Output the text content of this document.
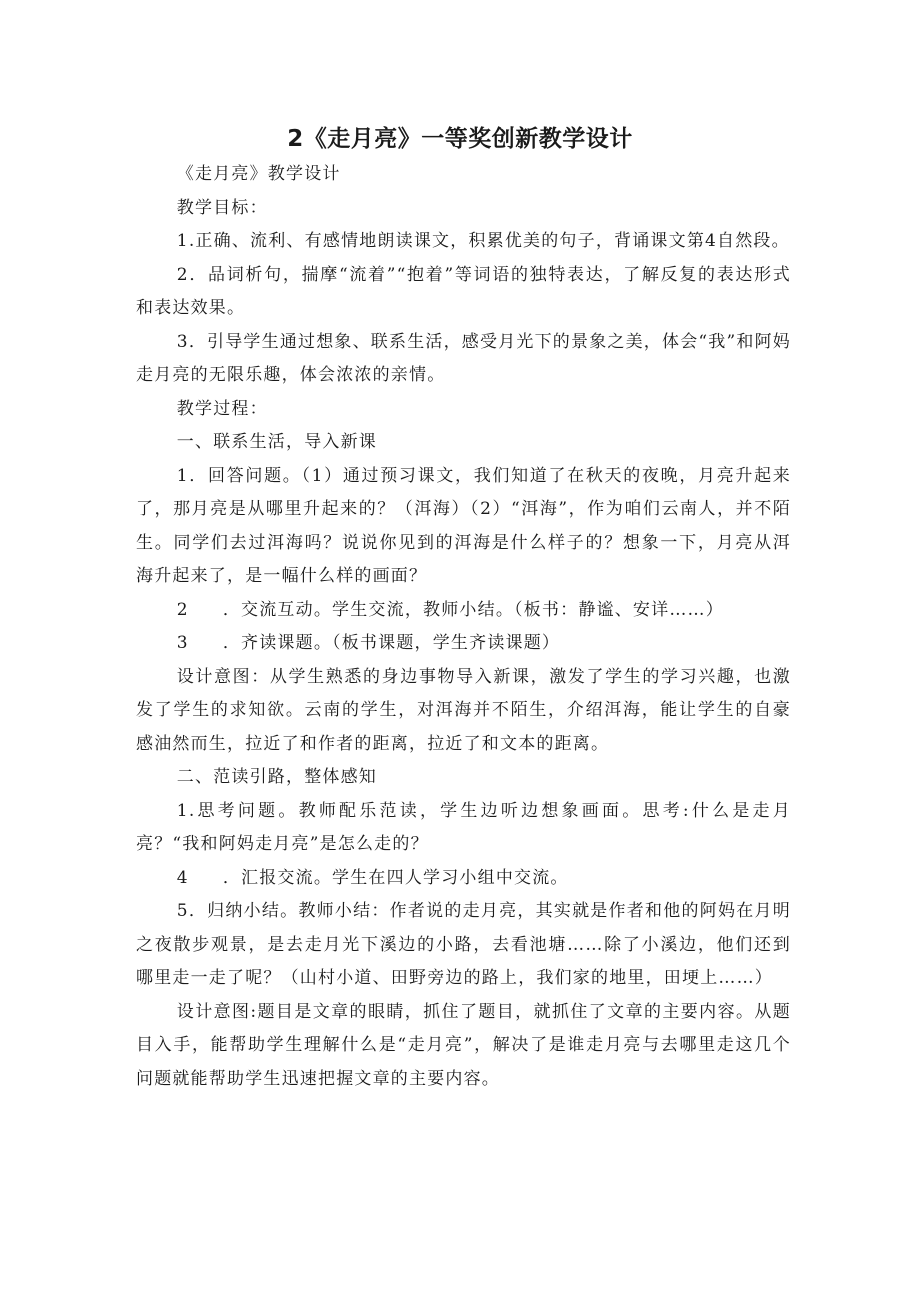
2《走月亮》一等奖创新教学设计

《走月亮》教学设计

教学目标：

1.正确、流利、有感情地朗读课文，积累优美的句子，背诵课文第4自然段。

2．品词析句，揣摩“流着”“抱着”等词语的独特表达，了解反复的表达形式和表达效果。

3．引导学生通过想象、联系生活，感受月光下的景象之美，体会“我”和阿妈走月亮的无限乐趣，体会浓浓的亲情。

教学过程：

一、联系生活，导入新课

1．回答问题。（1）通过预习课文，我们知道了在秋天的夜晚，月亮升起来了，那月亮是从哪里升起来的？（洱海）（2）“洱海”，作为咱们云南人，并不陌生。同学们去过洱海吗？说说你见到的洱海是什么样子的？想象一下，月亮从洱海升起来了，是一幅什么样的画面？

2 ．交流互动。学生交流，教师小结。（板书：静谧、安详……）

3 ．齐读课题。（板书课题，学生齐读课题）

设计意图：从学生熟悉的身边事物导入新课，激发了学生的学习兴趣，也激发了学生的求知欲。云南的学生，对洱海并不陌生，介绍洱海，能让学生的自豪感油然而生，拉近了和作者的距离，拉近了和文本的距离。

二、范读引路，整体感知

1.思考问题。教师配乐范读，学生边听边想象画面。思考:什么是走月亮？“我和阿妈走月亮”是怎么走的？

4 ．汇报交流。学生在四人学习小组中交流。

5．归纳小结。教师小结：作者说的走月亮，其实就是作者和他的阿妈在月明之夜散步观景，是去走月光下溪边的小路，去看池塘……除了小溪边，他们还到哪里走一走了呢？（山村小道、田野旁边的路上，我们家的地里，田埂上……）

设计意图:题目是文章的眼睛，抓住了题目，就抓住了文章的主要内容。从题目入手，能帮助学生理解什么是“走月亮”，解决了是谁走月亮与去哪里走这几个问题就能帮助学生迅速把握文章的主要内容。
